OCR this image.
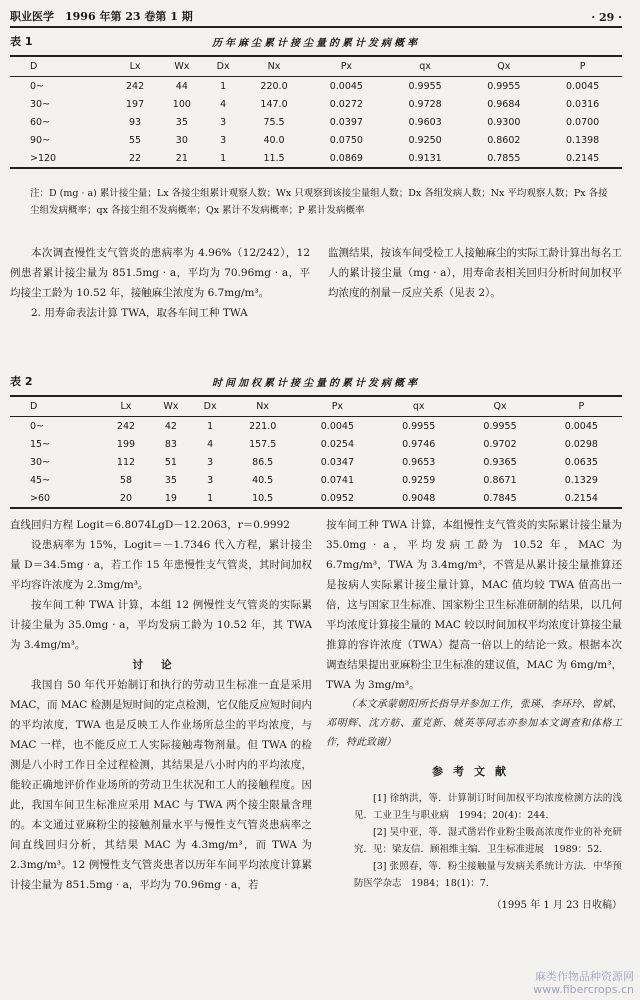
职业医学　1996 年第 23 卷第 1 期	· 29 ·
表 1	历年麻尘累计接尘量的累计发病概率
D	Lx	Wx	Dx	Nx	Px	qx	Qx	P
0~	242	44	1	220.0	0.0045	0.9955	0.9955	0.0045
30~	197	100	4	147.0	0.0272	0.9728	0.9684	0.0316
60~	93	35	3	75.5	0.0397	0.9603	0.9300	0.0700
90~	55	30	3	40.0	0.0750	0.9250	0.8602	0.1398
>120	22	21	1	11.5	0.0869	0.9131	0.7855	0.2145
注：D (mg · a) 累计接尘量；Lx 各接尘组累计观察人数；Wx 只观察到该接尘量组人数；Dx 各组发病人数；Nx 平均观察人数；Px 各接尘组发病概率；qx 各接尘组不发病概率；Qx 累计不发病概率；P 累计发病概率

本次调查慢性支气管炎的患病率为 4.96%（12/242），12 例患者累计接尘量为 851.5mg · a，平均为 70.96mg · a，平均接尘工龄为 10.52 年，接触麻尘浓度为 6.7mg/m³。

2. 用寿命表法计算 TWA，取各车间工种 TWA

监测结果，按该车间受检工人接触麻尘的实际工龄计算出每名工人的累计接尘量（mg · a），用寿命表相关回归分析时间加权平均浓度的剂量－反应关系（见表 2）。

表 2	时间加权累计接尘量的累计发病概率
D	Lx	Wx	Dx	Nx	Px	qx	Qx	P
0~	242	42	1	221.0	0.0045	0.9955	0.9955	0.0045
15~	199	83	4	157.5	0.0254	0.9746	0.9702	0.0298
30~	112	51	3	86.5	0.0347	0.9653	0.9365	0.0635
45~	58	35	3	40.5	0.0741	0.9259	0.8671	0.1329
>60	20	19	1	10.5	0.0952	0.9048	0.7845	0.2154

直线回归方程 Logit＝6.8074LgD－12.2063，r＝0.9992

设患病率为 15%，Logit＝－1.7346 代入方程，累计接尘量 D＝34.5mg · a，若工作 15 年患慢性支气管炎，其时间加权平均容许浓度为 2.3mg/m³。

按车间工种 TWA 计算，本组 12 例慢性支气管炎的实际累计接尘量为 35.0mg · a，平均发病工龄为 10.52 年，其 TWA 为 3.4mg/m³。

讨论

我国自 50 年代开始制订和执行的劳动卫生标准一直是采用 MAC，而 MAC 检测是短时间的定点检测，它仅能反应短时间内的平均浓度，TWA 也是反映工人作业场所总尘的平均浓度，与 MAC 一样，也不能反应工人实际接触毒物剂量。但 TWA 的检测是八小时工作日全过程检测，其结果是八小时内的平均浓度，能较正确地评价作业场所的劳动卫生状况和工人的接触程度。因此，我国车间卫生标准应采用 MAC 与 TWA 两个接尘限量含理的。本文通过亚麻粉尘的接触剂量水平与慢性支气管炎患病率之间直线回归分析，其结果 MAC 为 4.3mg/m³，而 TWA 为 2.3mg/m³。12 例慢性支气管炎患者以历年车间平均浓度计算累计接尘量为 851.5mg · a，平均为 70.96mg · a，若

按车间工种 TWA 计算，本组慢性支气管炎的实际累计接尘量为 35.0mg · a，平均发病工龄为 10.52 年，MAC 为 6.7mg/m³，TWA 为 3.4mg/m³，不管是从累计接尘量推算还是按病人实际累计接尘量计算，MAC 值均较 TWA 值高出一倍，这与国家卫生标准、国家粉尘卫生标准研制的结果，以几何平均浓度计算接尘量的 MAC 较以时间加权平均浓度计算接尘量推算的容许浓度（TWA）提高一倍以上的结论一致。根据本次调查结果提出亚麻粉尘卫生标准的建议值，MAC 为 6mg/m³，TWA 为 3mg/m³。

（本文承蒙朝阳所长指导并参加工作，张瑛、李环玲、曾斌、邓明辉、沈方舫、董克新、姚英等同志亦参加本文调查和体格工作，特此致谢）

参考文献

[1] 徐纳洪，等．计算制订时间加权平均浓度检测方法的浅见．工业卫生与职业病　1994；20(4)：244.

[2] 吴中亚，等．湿式凿岩作业粉尘吸高浓度作业的补充研究．见：梁友信．顾祖维主编．卫生标准进展　1989：52.

[3] 张照春，等．粉尘接触量与发病关系统计方法．中华预防医学杂志　1984；18(1)：7.

（1995 年 1 月 23 日收稿）
麻类作物品种资源网
www.fibercrops.cn
